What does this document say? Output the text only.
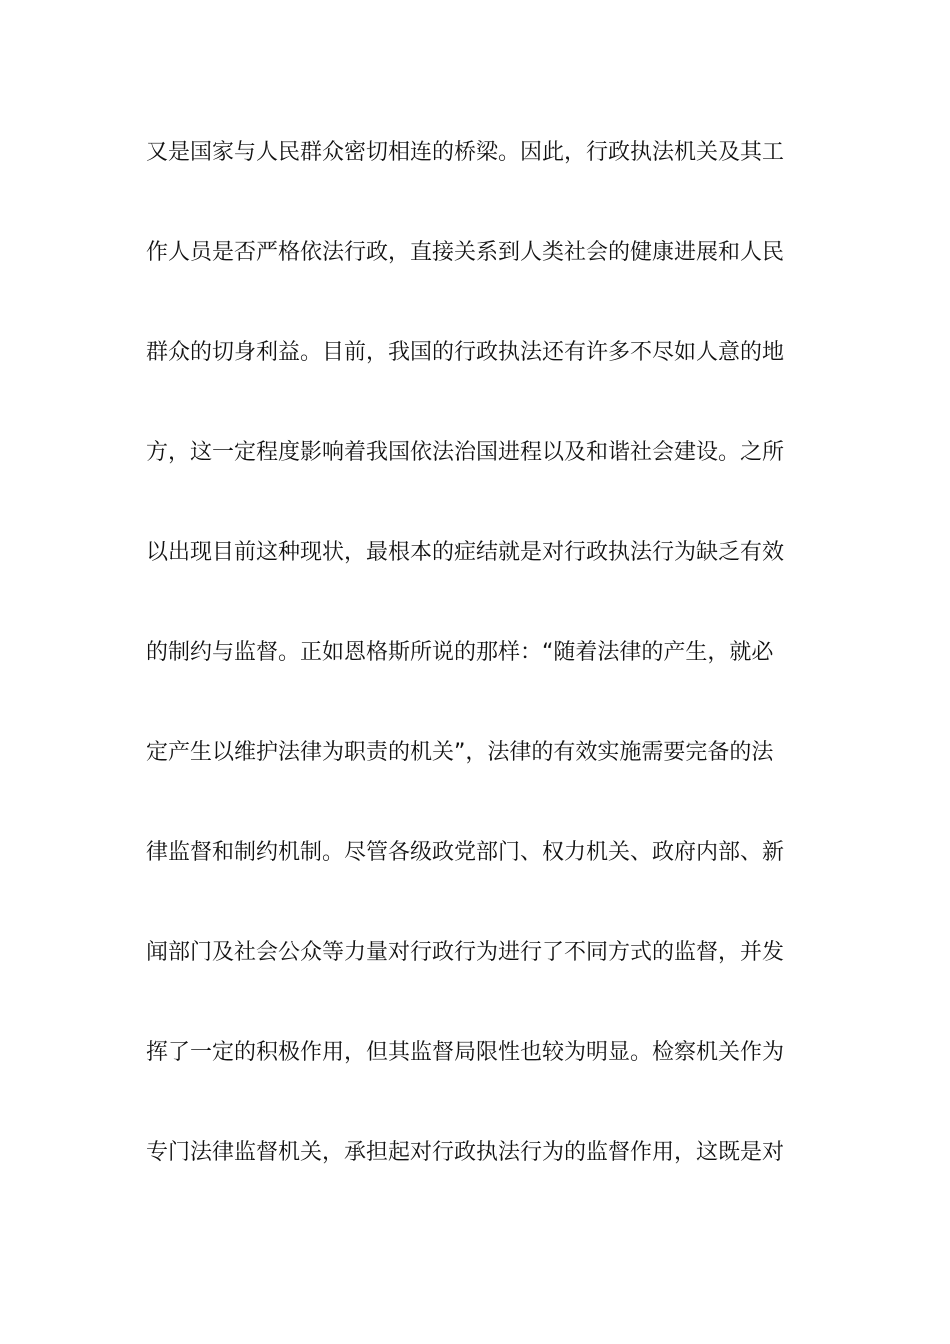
又是国家与人民群众密切相连的桥梁。因此，行政执法机关及其工
作人员是否严格依法行政，直接关系到人类社会的健康进展和人民
群众的切身利益。目前，我国的行政执法还有许多不尽如人意的地
方，这一定程度影响着我国依法治国进程以及和谐社会建设。之所
以出现目前这种现状，最根本的症结就是对行政执法行为缺乏有效
的制约与监督。正如恩格斯所说的那样：“随着法律的产生，就必
定产生以维护法律为职责的机关”，法律的有效实施需要完备的法
律监督和制约机制。尽管各级政党部门、权力机关、政府内部、新
闻部门及社会公众等力量对行政行为进行了不同方式的监督，并发
挥了一定的积极作用，但其监督局限性也较为明显。检察机关作为
专门法律监督机关，承担起对行政执法行为的监督作用，这既是对
